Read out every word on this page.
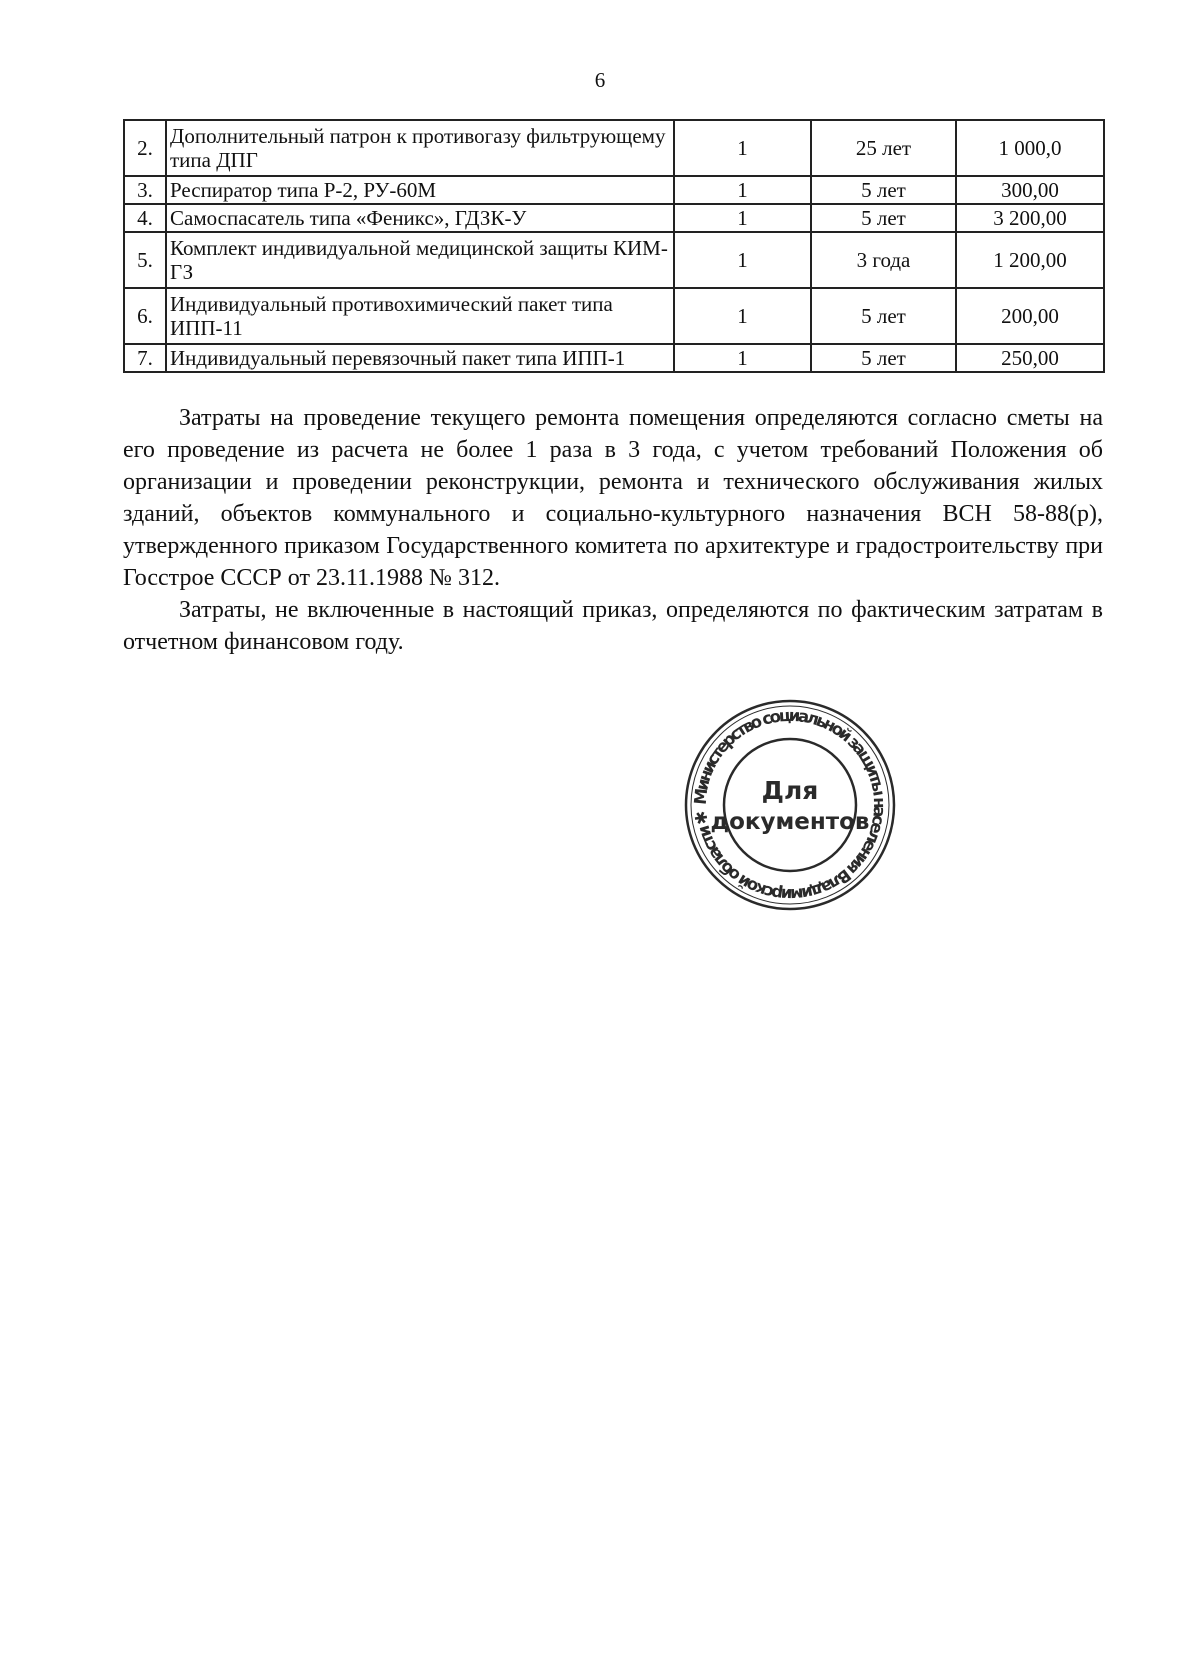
6
2.	Дополнительный патрон к противогазу фильтрующему типа ДПГ	1	25 лет	1 000,0
3.	Респиратор типа Р-2, РУ-60М	1	5 лет	300,00
4.	Самоспасатель типа «Феникс», ГДЗК-У	1	5 лет	3 200,00
5.	Комплект индивидуальной медицинской защиты КИМ-ГЗ	1	3 года	1 200,00
6.	Индивидуальный противохимический пакет типа ИПП-11	1	5 лет	200,00
7.	Индивидуальный перевязочный пакет типа ИПП-1	1	5 лет	250,00

Затраты на проведение текущего ремонта помещения определяются согласно сметы на его проведение из расчета не более 1 раза в 3 года, с учетом требований Положения об организации и проведении реконструкции, ремонта и технического обслуживания жилых зданий, объектов коммунального и социально-культурного назначения ВСН 58-88(р), утвержденного приказом Государственного комитета по архитектуре и градостроительству при Госстрое СССР от 23.11.1988 № 312.

Затраты, не включенные в настоящий приказ, определяются по фактическим затратам в отчетном финансовом году.

Министерство социальной защиты населения Владимирской области ✱
Для
документов
